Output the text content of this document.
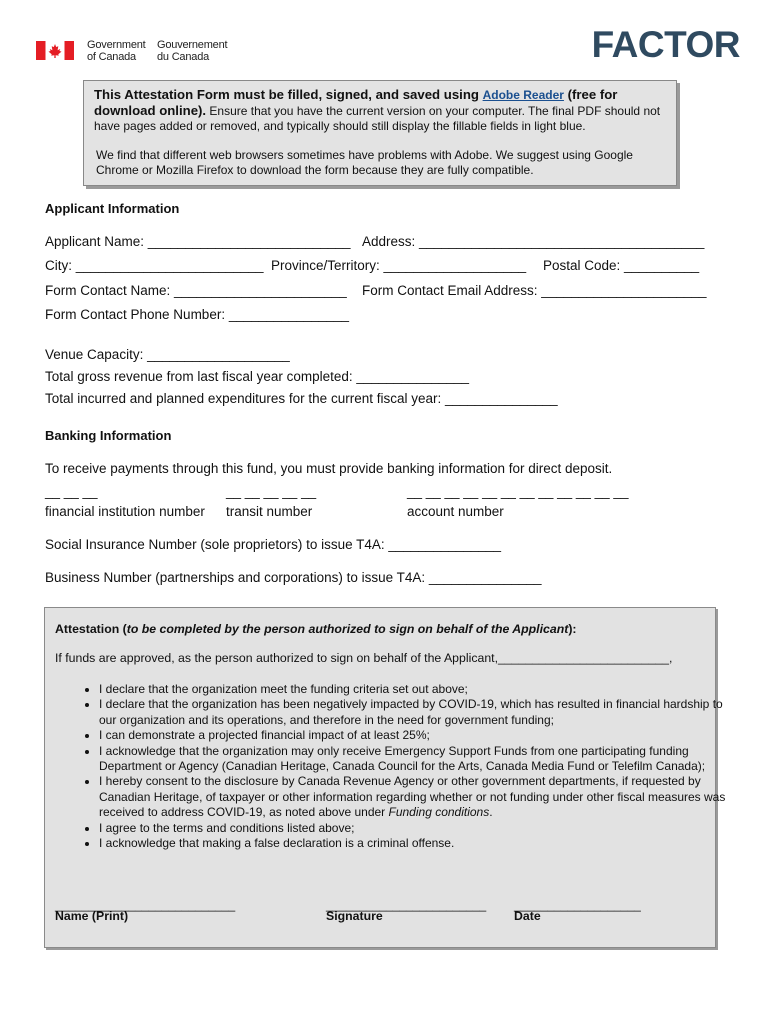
Government
of Canada
Gouvernement
du Canada	FACTOR
This Attestation Form must be filled, signed, and saved using Adobe Reader (free for download online). Ensure that you have the current version on your computer. The final PDF should not have pages added or removed, and typically should still display the fillable fields in light blue.
We find that different web browsers sometimes have problems with Adobe. We suggest using Google Chrome or Mozilla Firefox to download the form because they are fully compatible.
Applicant Information
Applicant Name: ___________________________ Address: ______________________________________
City: _________________________ Province/Territory: ___________________ Postal Code: __________
Form Contact Name: _______________________ Form Contact Email Address: ______________________
Form Contact Phone Number: ________________
Venue Capacity: ___________________
Total gross revenue from last fiscal year completed: _______________
Total incurred and planned expenditures for the current fiscal year: _______________
Banking Information
To receive payments through this fund, you must provide banking information for direct deposit.
__ __ __	__ __ __ __ __	__ __ __ __ __ __ __ __ __ __ __ __
financial institution number transit number	account number
Social Insurance Number (sole proprietors) to issue T4A: _______________
Business Number (partnerships and corporations) to issue T4A: _______________
Attestation (to be completed by the person authorized to sign on behalf of the Applicant):
If funds are approved, as the person authorized to sign on behalf of the Applicant,_________________________,
• I declare that the organization meet the funding criteria set out above;
• I declare that the organization has been negatively impacted by COVID-19, which has resulted in financial hardship to our organization and its operations, and therefore in the need for government funding;
• I can demonstrate a projected financial impact of at least 25%;
• I acknowledge that the organization may only receive Emergency Support Funds from one participating funding Department or Agency (Canadian Heritage, Canada Council for the Arts, Canada Media Fund or Telefilm Canada);
• I hereby consent to the disclosure by Canada Revenue Agency or other government departments, if requested by Canadian Heritage, of taxpayer or other information regarding whether or not funding under other fiscal measures was received to address COVID-19, as noted above under Funding conditions.
• I agree to the terms and conditions listed above;
• I acknowledge that making a false declaration is a criminal offense.
___________________________	________________________ ___________________
Name (Print)	Signature	Date
